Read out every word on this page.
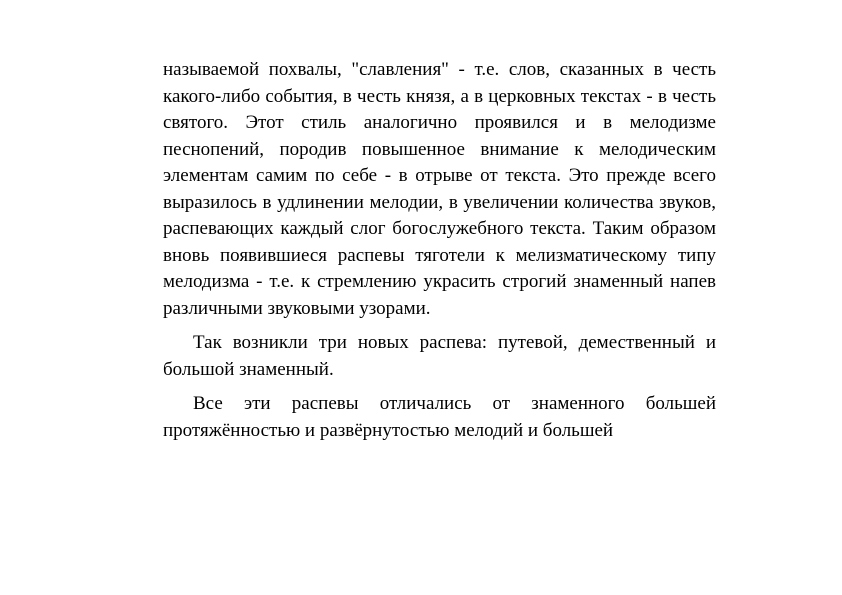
называемой похвалы, "славления" - т.е. слов, сказанных в честь какого-либо события, в честь князя, а в церковных текстах - в честь святого. Этот стиль аналогично проявился и в мелодизме песнопений, породив повышенное внимание к мелодическим элементам самим по себе - в отрыве от текста. Это прежде всего выразилось в удлинении мелодии, в увеличении количества звуков, распевающих каждый слог богослужебного текста. Таким образом вновь появившиеся распевы тяготели к мелизматическому типу мелодизма - т.е. к стремлению украсить строгий знаменный напев различными звуковыми узорами.

Так возникли три новых распева: путевой, демественный и большой знаменный.

Все эти распевы отличались от знаменного большей протяжённостью и развёрнутостью мелодий и большей
